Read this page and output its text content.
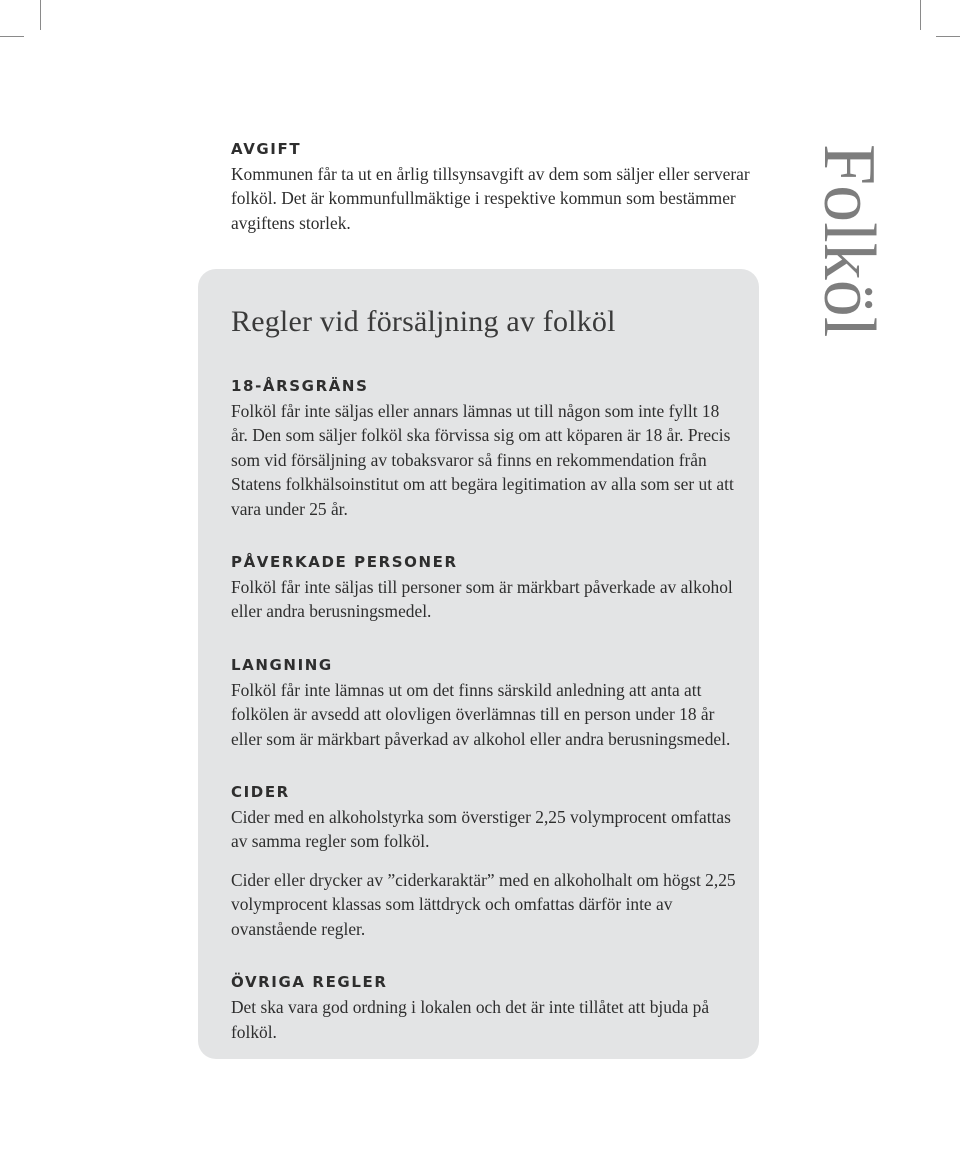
AVGIFT

Kommunen får ta ut en årlig tillsynsavgift av dem som säljer eller serverar folköl. Det är kommunfullmäktige i respektive kommun som bestämmer avgiftens storlek.	Folköl
Regler vid försäljning av folköl
18-ÅRSGRÄNS

Folköl får inte säljas eller annars lämnas ut till någon som inte fyllt 18 år. Den som säljer folköl ska förvissa sig om att köparen är 18 år. Precis som vid försäljning av tobaksvaror så finns en rekommendation från Statens folkhälsoinstitut om att begära legitimation av alla som ser ut att vara under 25 år.

PÅVERKADE PERSONER

Folköl får inte säljas till personer som är märkbart påverkade av alkohol eller andra berusningsmedel.

LANGNING

Folköl får inte lämnas ut om det finns särskild anledning att anta att folkölen är avsedd att olovligen överlämnas till en person under 18 år eller som är märkbart påverkad av alkohol eller andra berusningsmedel.

CIDER

Cider med en alkoholstyrka som överstiger 2,25 volymprocent omfattas av samma regler som folköl.

Cider eller drycker av ”ciderkaraktär” med en alkoholhalt om högst 2,25 volymprocent klassas som lättdryck och omfattas därför inte av ovanstående regler.

ÖVRIGA REGLER

Det ska vara god ordning i lokalen och det är inte tillåtet att bjuda på folköl.
